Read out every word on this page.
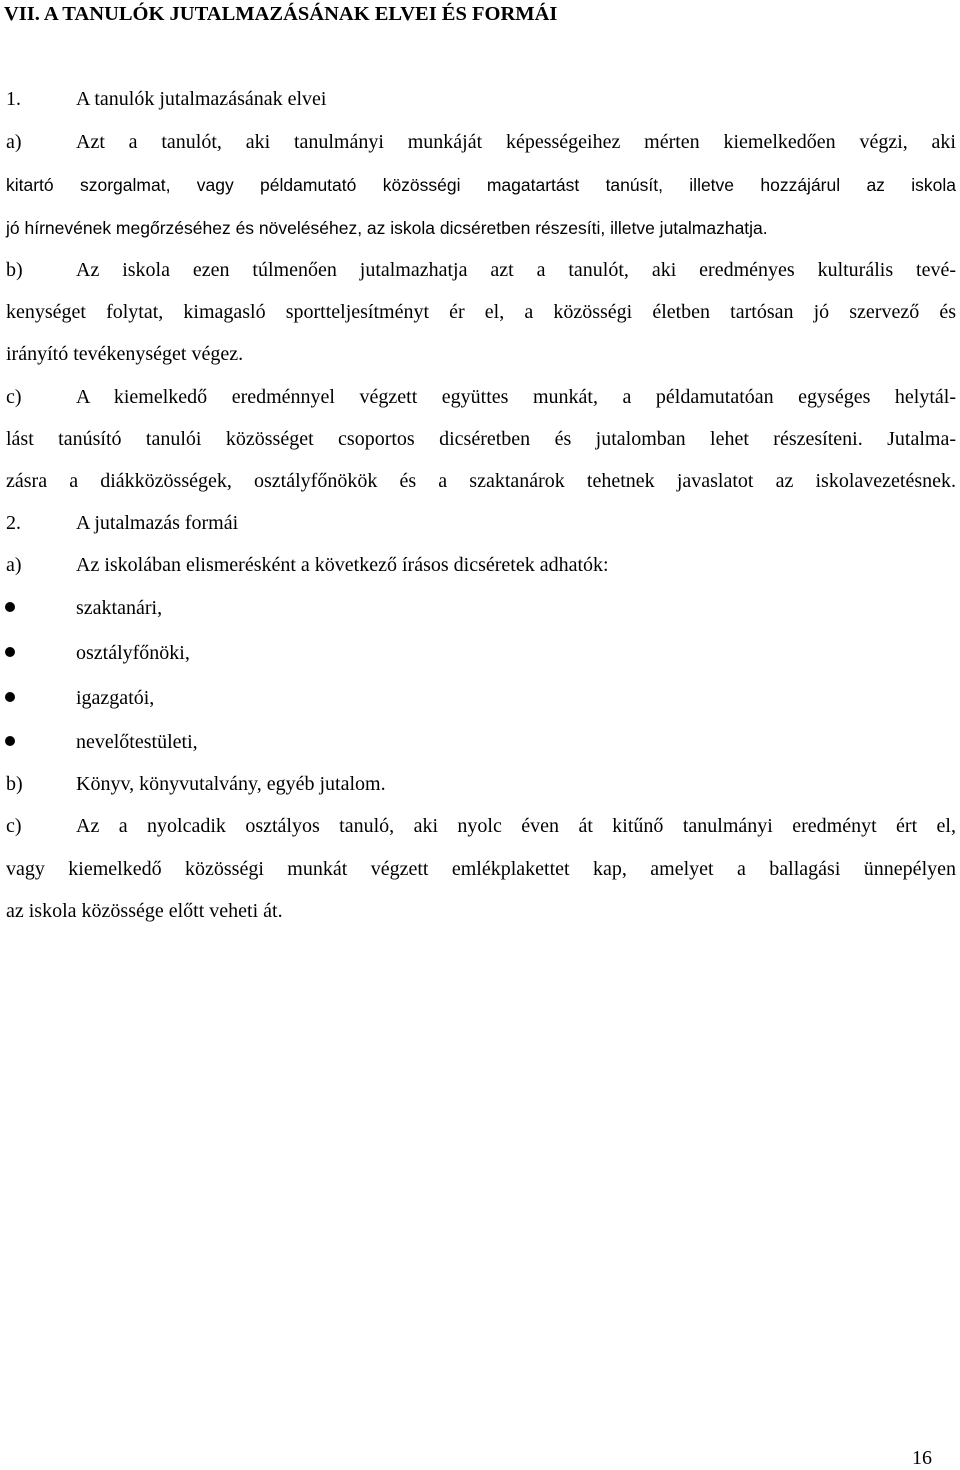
VII. A TANULÓK JUTALMAZÁSÁNAK ELVEI ÉS FORMÁI
1.	A tanulók jutalmazásának elvei
a)	Azt a tanulót, aki tanulmányi munkáját képességeihez mérten kiemelkedően végzi, aki
kitartó szorgalmat, vagy példamutató közösségi magatartást tanúsít, illetve hozzájárul az iskola
jó hírnevének megőrzéséhez és növeléséhez, az iskola dicséretben részesíti, illetve jutalmazhatja.
b)	Az iskola ezen túlmenően jutalmazhatja azt a tanulót, aki eredményes kulturális tevé-
kenységet folytat, kimagasló sportteljesítményt ér el, a közösségi életben tartósan jó szervező és
irányító tevékenységet végez.
c)	A kiemelkedő eredménnyel végzett együttes munkát, a példamutatóan egységes helytál-
lást tanúsító tanulói közösséget csoportos dicséretben és jutalomban lehet részesíteni. Jutalma-
zásra a diákközösségek, osztályfőnökök és a szaktanárok tehetnek javaslatot az iskolavezetésnek.
2.	A jutalmazás formái
a)	Az iskolában elismerésként a következő írásos dicséretek adhatók:
szaktanári,
osztályfőnöki,
igazgatói,
nevelőtestületi,
b)	Könyv, könyvutalvány, egyéb jutalom.
c)	Az a nyolcadik osztályos tanuló, aki nyolc éven át kitűnő tanulmányi eredményt ért el,
vagy kiemelkedő közösségi munkát végzett emlékplakettet kap, amelyet a ballagási ünnepélyen
az iskola közössége előtt veheti át.
16
